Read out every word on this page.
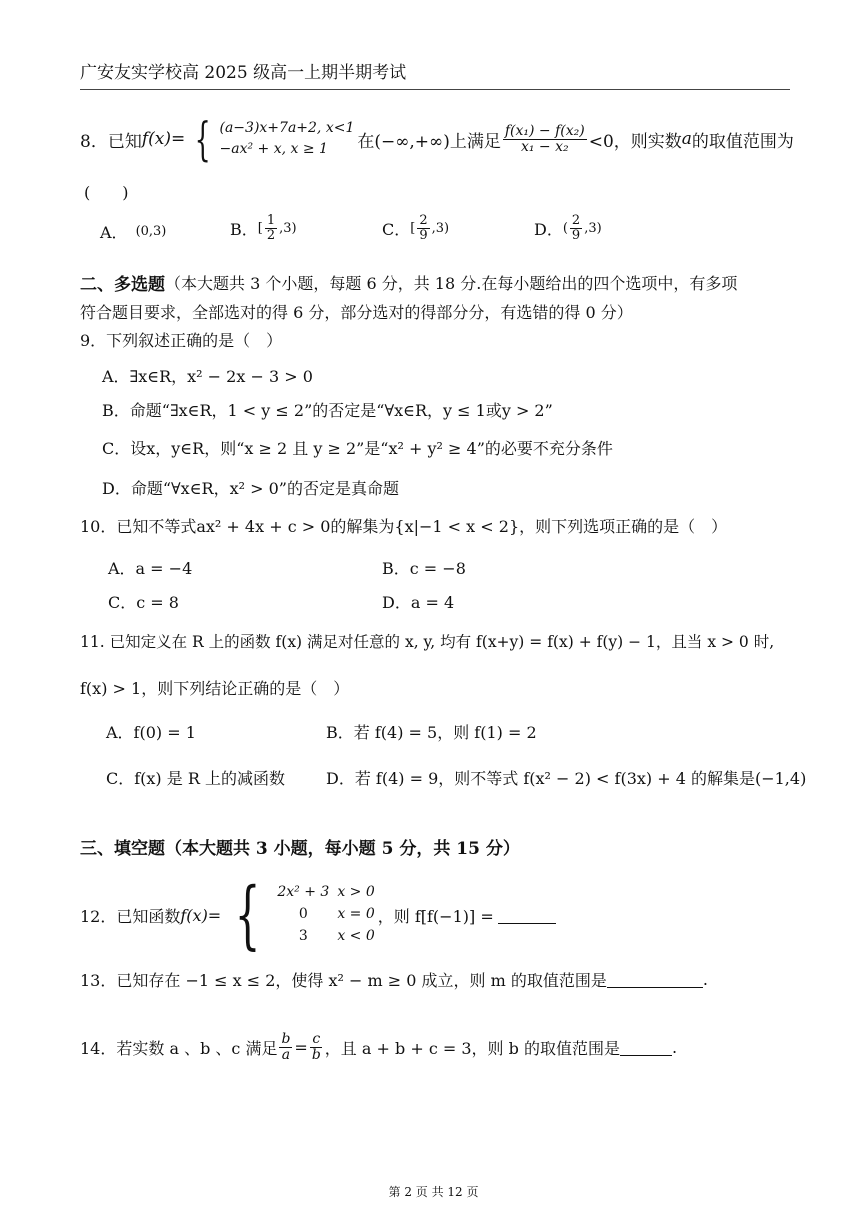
广安友实学校高 2025 级高一上期半期考试
8．已知 f(x)= { (a−3)x+7a+2, x<1
−ax² + x, x ≥ 1	在(−∞,+∞)上满足 $\frac{\text{f(x₁) − f(x₂)}}{\text{x₁ − x₂}} <0$，则实数 a 的取值范围为
(　　)
A． (0,3)	B． [ $\frac{1}{2} ,3$)	C． [ $\frac{2}{9} ,3$)	D． ( $\frac{2}{9} ,3$)
二、多选题 （本大题共 3 个小题，每题 6 分，共 18 分.在每小题给出的四个选项中，有多项
符合题目要求，全部选对的得 6 分，部分选对的得部分分，有选错的得 0 分）
9．下列叙述正确的是（　）
A．∃x∈R，x² − 2x − 3 > 0
B．命题“∃x∈R，1 < y ≤ 2”的否定是“∀x∈R，y ≤ 1或y > 2”
C．设x，y∈R，则“x ≥ 2 且 y ≥ 2”是“x² + y² ≥ 4”的必要不充分条件
D．命题“∀x∈R，x² > 0”的否定是真命题
10．已知不等式ax² + 4x + c > 0的解集为{x|−1 < x < 2}，则下列选项正确的是（　）
A．a = −4	B．c = −8
C．c = 8	D．a = 4
11. 已知定义在 R 上的函数 f(x) 满足对任意的 x, y, 均有 f(x+y) = f(x) + f(y) − 1，且当 x > 0 时,
f(x) > 1，则下列结论正确的是（　）
A．f(0) = 1	B．若 f(4) = 5，则 f(1) = 2
C．f(x) 是 R 上的减函数	D．若 f(4) = 9，则不等式 f(x² − 2) < f(3x) + 4 的解集是(−1,4)
三、填空题（本大题共 3 小题，每小题 5 分，共 15 分）
12．已知函数 f(x)= { 2x² + 3 x > 0
0	x = 0
3	x < 0
，则 f[f(−1)] =
13．已知存在 −1 ≤ x ≤ 2，使得 x² − m ≥ 0 成立，则 m 的取值范围是	.
14．若实数 a 、b 、c 满足 $\frac{b}{a} = \frac{c}{b}$ ，且 a + b + c = 3，则 b 的取值范围是	.
第 2 页 共 12 页
